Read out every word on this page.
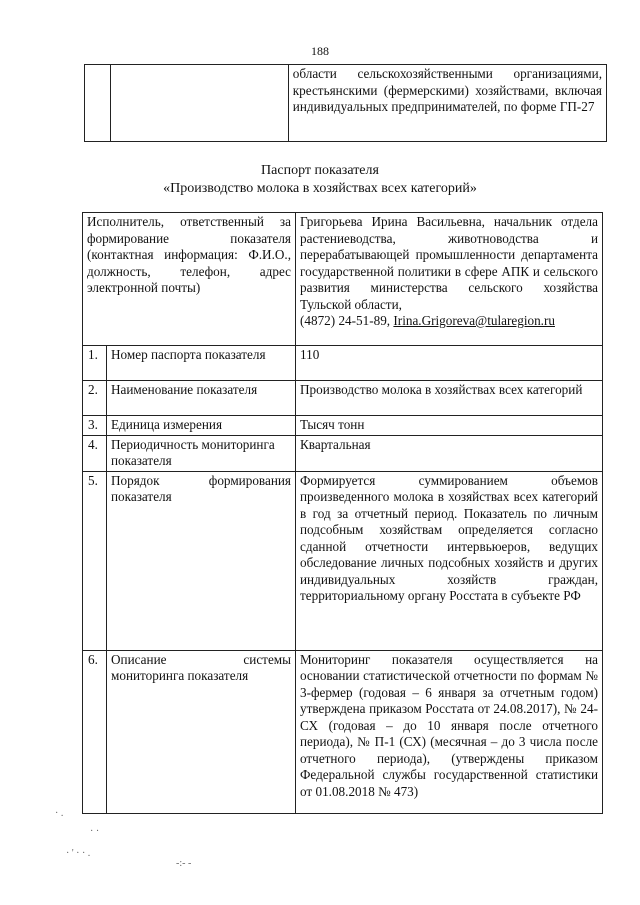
188
		области сельскохозяйственными организациями, крестьянскими (фермерскими) хозяйствами, включая индивидуальных предпринимателей, по форме ГП-27
Паспорт показателя
«Производство молока в хозяйствах всех категорий»
Исполнитель, ответственный за формирование показателя (контактная информация: Ф.И.О., должность, телефон, адрес электронной почты)		Григорьева Ирина Васильевна, начальник отдела растениеводства, животноводства и перерабатывающей промышленности департамента государственной политики в сфере АПК и сельского развития министерства сельского хозяйства Тульской области,
(4872) 24-51-89, Irina.Grigoreva@tularegion.ru
1.	Номер паспорта показателя	110
2.	Наименование показателя	Производство молока в хозяйствах всех категорий
3.	Единица измерения	Тысяч тонн
4.	Периодичность мониторинга показателя	Квартальная
5.	Порядок формирования показателя	Формируется суммированием объемов произведенного молока в хозяйствах всех категорий в год за отчетный период. Показатель по личным подсобным хозяйствам определяется согласно сданной отчетности интервьюеров, ведущих обследование личных подсобных хозяйств и других индивидуальных хозяйств граждан, территориальному органу Росстата в субъекте РФ
6.	Описание системы мониторинга показателя	Мониторинг показателя осуществляется на основании статистической отчетности по формам № 3-фермер (годовая – 6 января за отчетным годом) утверждена приказом Росстата от 24.08.2017), № 24-СХ (годовая – до 10 января после отчетного периода), № П-1 (СХ) (месячная – до 3 числа после отчетного периода), (утверждены приказом Федеральной службы государственной статистики от 01.08.2018 № 473)
· .
· ·
· ' · · .
-:- -
